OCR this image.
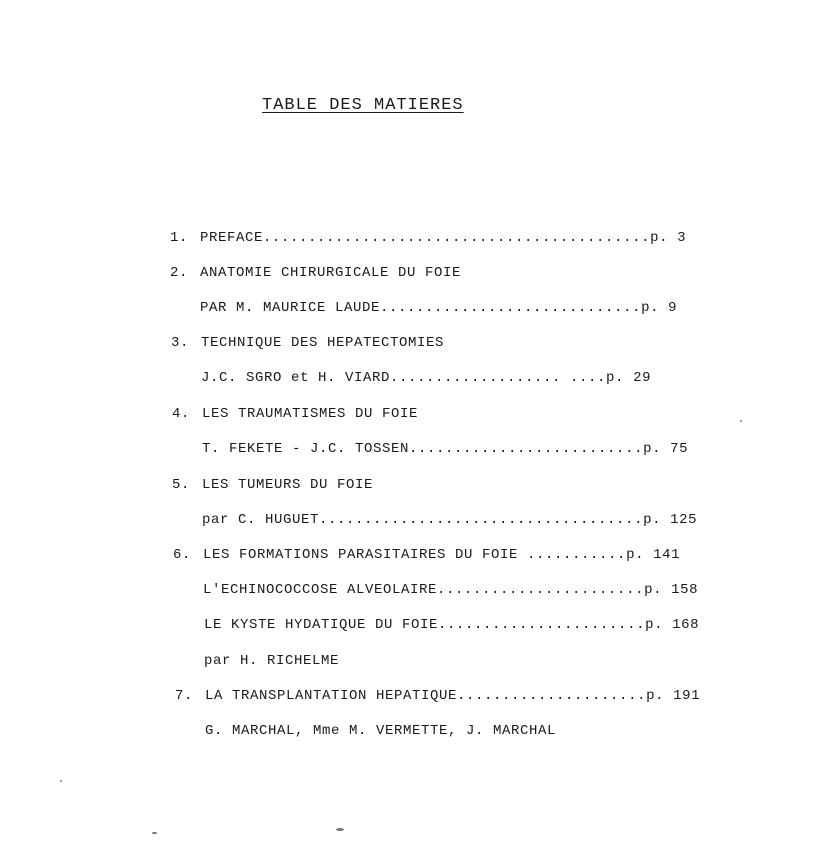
TABLE DES MATIERES
1. PREFACE...........................................p. 3
2. ANATOMIE CHIRURGICALE DU FOIE
PAR M. MAURICE LAUDE.............................p. 9
3. TECHNIQUE DES HEPATECTOMIES
J.C. SGRO et H. VIARD................... ....p. 29
4. LES TRAUMATISMES DU FOIE
T. FEKETE - J.C. TOSSEN..........................p. 75
5. LES TUMEURS DU FOIE
par C. HUGUET....................................p. 125
6. LES FORMATIONS PARASITAIRES DU FOIE ...........p. 141
L'ECHINOCOCCOSE ALVEOLAIRE.......................p. 158
LE KYSTE HYDATIQUE DU FOIE.......................p. 168
par H. RICHELME
7. LA TRANSPLANTATION HEPATIQUE.....................p. 191
G. MARCHAL, Mme M. VERMETTE, J. MARCHAL
